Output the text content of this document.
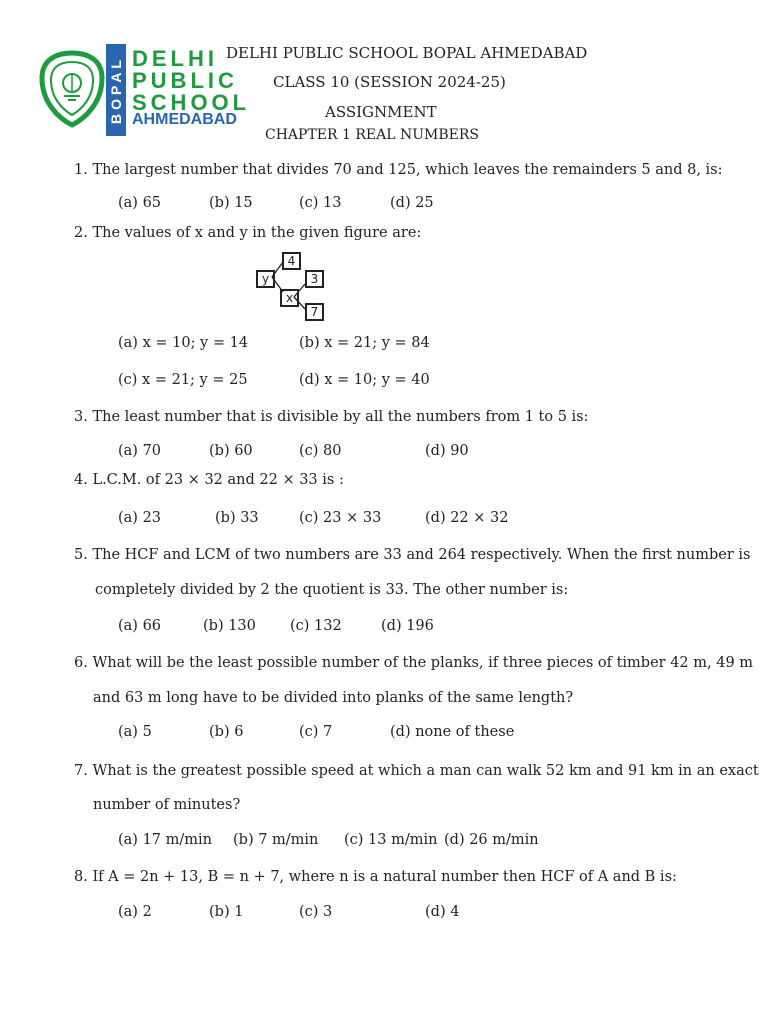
BOPAL DELHI
PUBLIC
SCHOOL
AHMEDABAD
DELHI PUBLIC SCHOOL BOPAL AHMEDABAD
CLASS 10 (SESSION 2024-25)
ASSIGNMENT
CHAPTER 1 REAL NUMBERS
1. The largest number that divides 70 and 125, which leaves the remainders 5 and 8, is:
(a) 65	(b) 15	(c) 13	(d) 25
2. The values of x and y in the given figure are:
y
4
3
x
7
(a) x = 10; y = 14	(b) x = 21; y = 84
(c) x = 21; y = 25	(d) x = 10; y = 40
3. The least number that is divisible by all the numbers from 1 to 5 is:
(a) 70	(b) 60	(c) 80	(d) 90
4. L.C.M. of 23 × 32 and 22 × 33 is :
(a) 23	(b) 33	(c) 23 × 33	(d) 22 × 32
5. The HCF and LCM of two numbers are 33 and 264 respectively. When the first number is
completely divided by 2 the quotient is 33. The other number is:
(a) 66	(b) 130 (c) 132	(d) 196
6. What will be the least possible number of the planks, if three pieces of timber 42 m, 49 m
and 63 m long have to be divided into planks of the same length?
(a) 5	(b) 6	(c) 7	(d) none of these
7. What is the greatest possible speed at which a man can walk 52 km and 91 km in an exact
number of minutes?
(a) 17 m/min (b) 7 m/min (c) 13 m/min (d) 26 m/min
8. If A = 2n + 13, B = n + 7, where n is a natural number then HCF of A and B is:
(a) 2	(b) 1	(c) 3	(d) 4
